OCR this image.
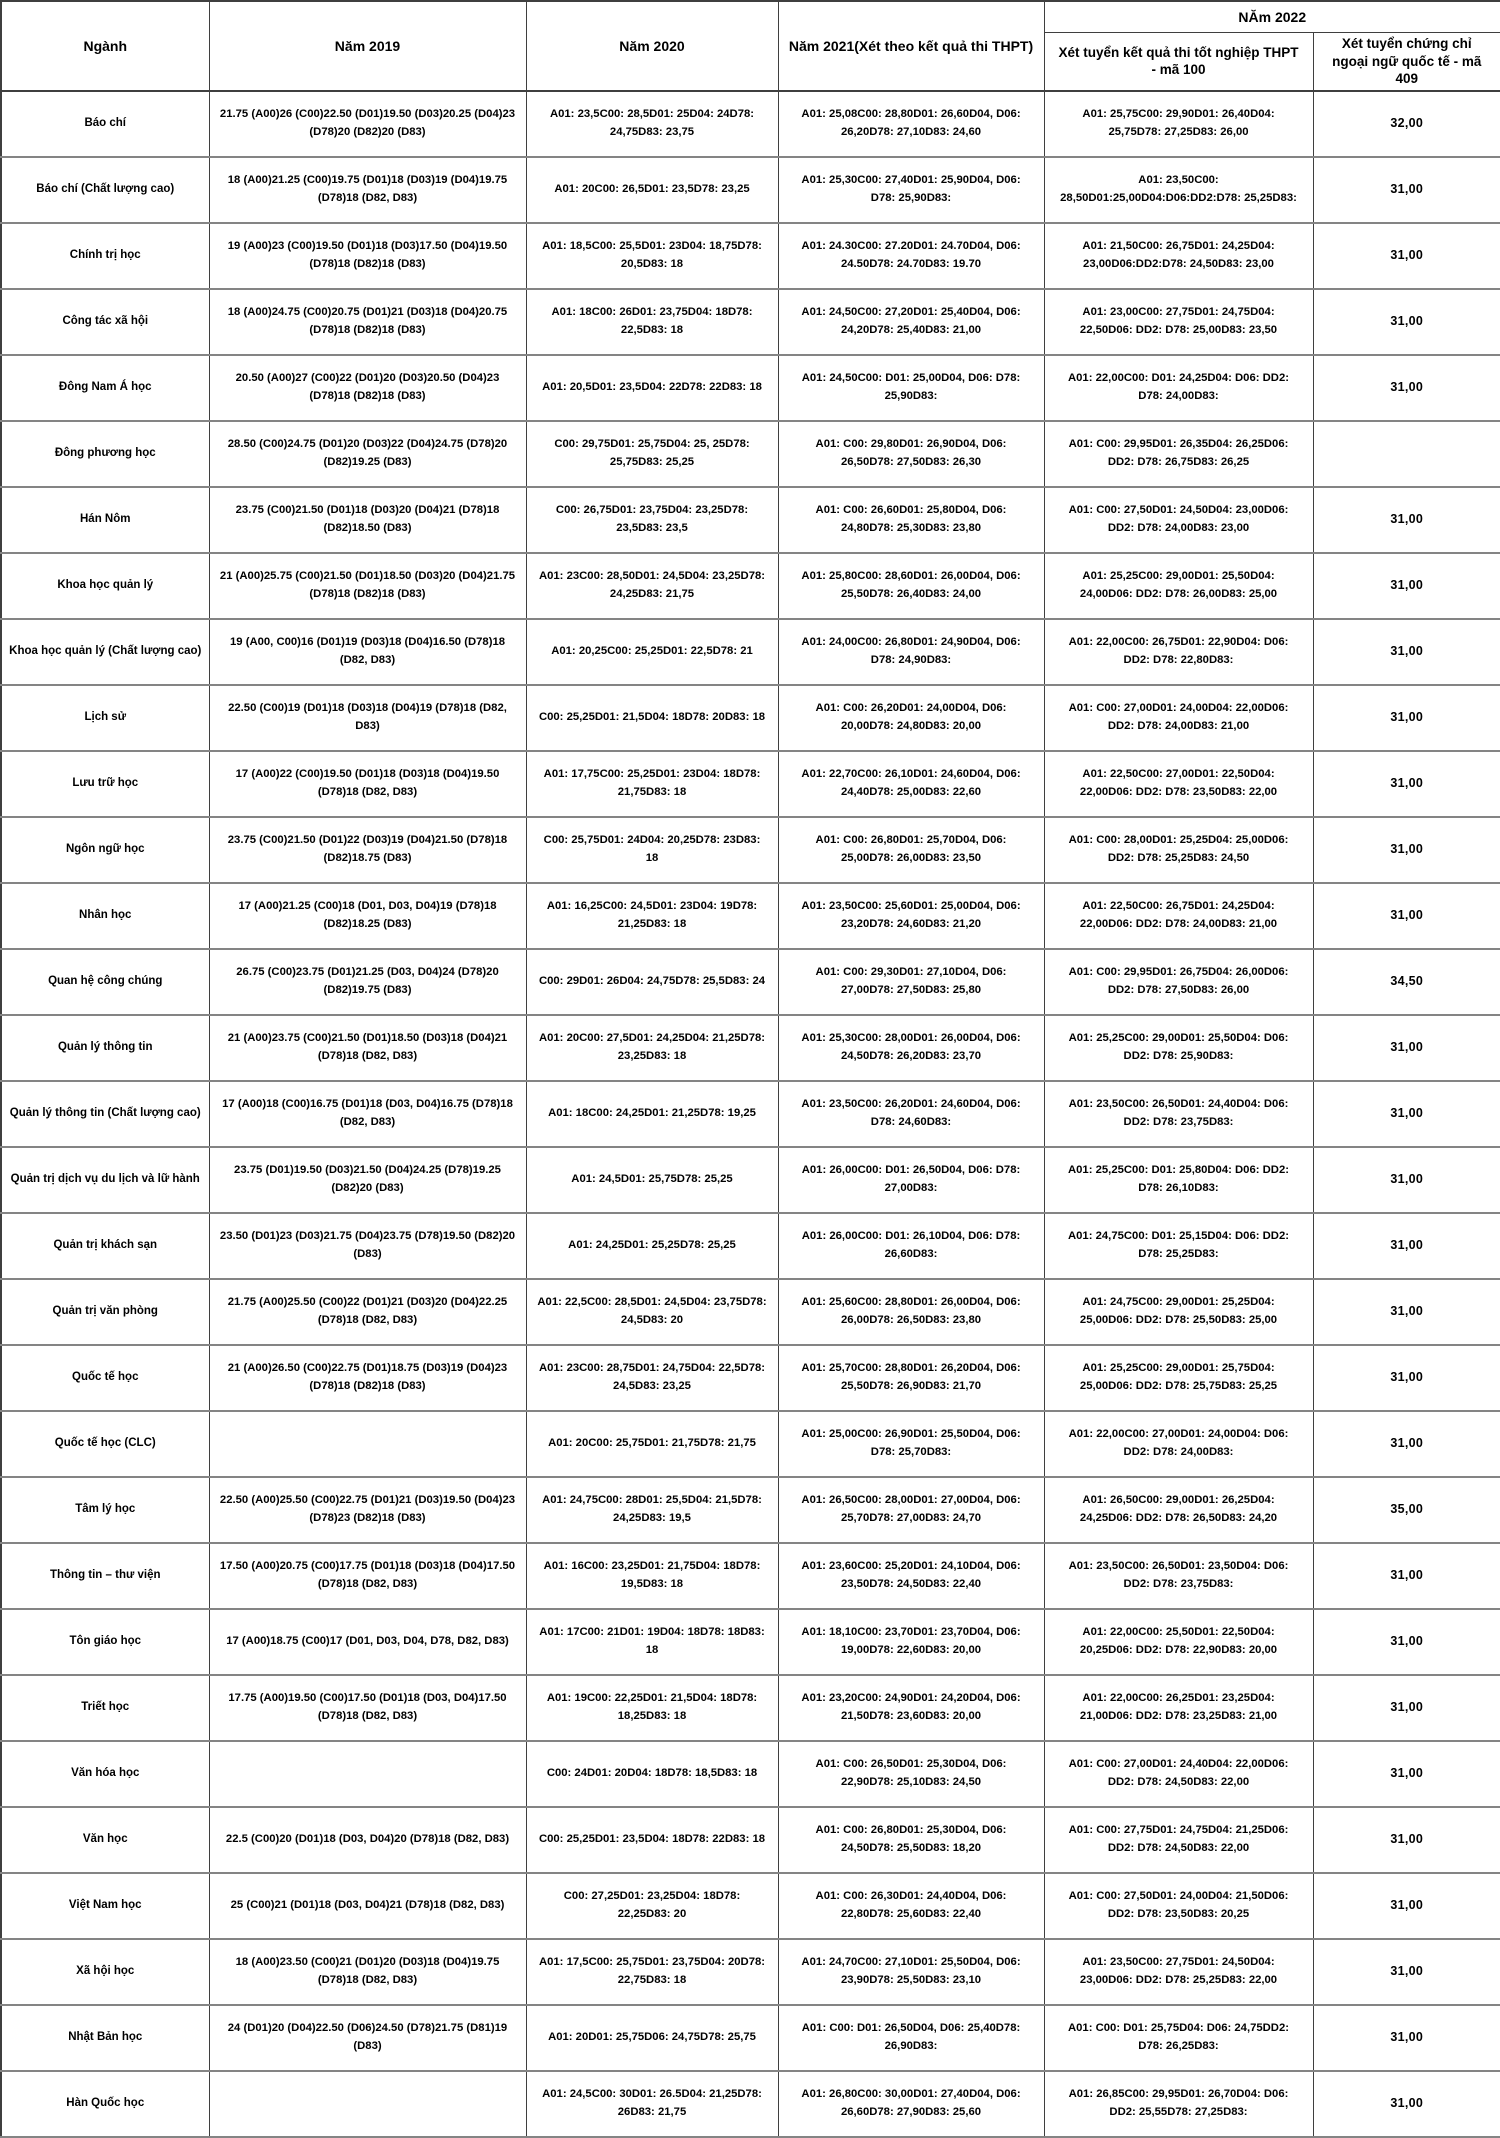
Ngành	Năm 2019	Năm 2020	Năm 2021(Xét theo kết quả thi THPT)	NĂm 2022	
				Xét tuyển kết quả thi tốt nghiệp THPT - mã 100	Xét tuyển chứng chỉ ngoại ngữ quốc tế - mã 409
Báo chí	21.75 (A00)26 (C00)22.50 (D01)19.50 (D03)20.25 (D04)23 (D78)20 (D82)20 (D83)	A01: 23,5C00: 28,5D01: 25D04: 24D78: 24,75D83: 23,75	A01: 25,08C00: 28,80D01: 26,60D04, D06: 26,20D78: 27,10D83: 24,60	A01: 25,75C00: 29,90D01: 26,40D04: 25,75D78: 27,25D83: 26,00	32,00
Báo chí (Chất lượng cao)	18 (A00)21.25 (C00)19.75 (D01)18 (D03)19 (D04)19.75 (D78)18 (D82, D83)	A01: 20C00: 26,5D01: 23,5D78: 23,25	A01: 25,30C00: 27,40D01: 25,90D04, D06: D78: 25,90D83:	A01: 23,50C00: 28,50D01:25,00D04:D06:DD2:D78: 25,25D83:	31,00
Chính trị học	19 (A00)23 (C00)19.50 (D01)18 (D03)17.50 (D04)19.50 (D78)18 (D82)18 (D83)	A01: 18,5C00: 25,5D01: 23D04: 18,75D78: 20,5D83: 18	A01: 24.30C00: 27.20D01: 24.70D04, D06: 24.50D78: 24.70D83: 19.70	A01: 21,50C00: 26,75D01: 24,25D04: 23,00D06:DD2:D78: 24,50D83: 23,00	31,00
Công tác xã hội	18 (A00)24.75 (C00)20.75 (D01)21 (D03)18 (D04)20.75 (D78)18 (D82)18 (D83)	A01: 18C00: 26D01: 23,75D04: 18D78: 22,5D83: 18	A01: 24,50C00: 27,20D01: 25,40D04, D06: 24,20D78: 25,40D83: 21,00	A01: 23,00C00: 27,75D01: 24,75D04: 22,50D06: DD2: D78: 25,00D83: 23,50	31,00
Đông Nam Á học	20.50 (A00)27 (C00)22 (D01)20 (D03)20.50 (D04)23 (D78)18 (D82)18 (D83)	A01: 20,5D01: 23,5D04: 22D78: 22D83: 18	A01: 24,50C00: D01: 25,00D04, D06: D78: 25,90D83:	A01: 22,00C00: D01: 24,25D04: D06: DD2: D78: 24,00D83:	31,00
Đông phương học	28.50 (C00)24.75 (D01)20 (D03)22 (D04)24.75 (D78)20 (D82)19.25 (D83)	C00: 29,75D01: 25,75D04: 25, 25D78: 25,75D83: 25,25	A01: C00: 29,80D01: 26,90D04, D06: 26,50D78: 27,50D83: 26,30	A01: C00: 29,95D01: 26,35D04: 26,25D06: DD2: D78: 26,75D83: 26,25	
Hán Nôm	23.75 (C00)21.50 (D01)18 (D03)20 (D04)21 (D78)18 (D82)18.50 (D83)	C00: 26,75D01: 23,75D04: 23,25D78: 23,5D83: 23,5	A01: C00: 26,60D01: 25,80D04, D06: 24,80D78: 25,30D83: 23,80	A01: C00: 27,50D01: 24,50D04: 23,00D06: DD2: D78: 24,00D83: 23,00	31,00
Khoa học quản lý	21 (A00)25.75 (C00)21.50 (D01)18.50 (D03)20 (D04)21.75 (D78)18 (D82)18 (D83)	A01: 23C00: 28,50D01: 24,5D04: 23,25D78: 24,25D83: 21,75	A01: 25,80C00: 28,60D01: 26,00D04, D06: 25,50D78: 26,40D83: 24,00	A01: 25,25C00: 29,00D01: 25,50D04: 24,00D06: DD2: D78: 26,00D83: 25,00	31,00
Khoa học quản lý (Chất lượng cao)	19 (A00, C00)16 (D01)19 (D03)18 (D04)16.50 (D78)18 (D82, D83)	A01: 20,25C00: 25,25D01: 22,5D78: 21	A01: 24,00C00: 26,80D01: 24,90D04, D06: D78: 24,90D83:	A01: 22,00C00: 26,75D01: 22,90D04: D06: DD2: D78: 22,80D83:	31,00
Lịch sử	22.50 (C00)19 (D01)18 (D03)18 (D04)19 (D78)18 (D82, D83)	C00: 25,25D01: 21,5D04: 18D78: 20D83: 18	A01: C00: 26,20D01: 24,00D04, D06: 20,00D78: 24,80D83: 20,00	A01: C00: 27,00D01: 24,00D04: 22,00D06: DD2: D78: 24,00D83: 21,00	31,00
Lưu trữ học	17 (A00)22 (C00)19.50 (D01)18 (D03)18 (D04)19.50 (D78)18 (D82, D83)	A01: 17,75C00: 25,25D01: 23D04: 18D78: 21,75D83: 18	A01: 22,70C00: 26,10D01: 24,60D04, D06: 24,40D78: 25,00D83: 22,60	A01: 22,50C00: 27,00D01: 22,50D04: 22,00D06: DD2: D78: 23,50D83: 22,00	31,00
Ngôn ngữ học	23.75 (C00)21.50 (D01)22 (D03)19 (D04)21.50 (D78)18 (D82)18.75 (D83)	C00: 25,75D01: 24D04: 20,25D78: 23D83: 18	A01: C00: 26,80D01: 25,70D04, D06: 25,00D78: 26,00D83: 23,50	A01: C00: 28,00D01: 25,25D04: 25,00D06: DD2: D78: 25,25D83: 24,50	31,00
Nhân học	17 (A00)21.25 (C00)18 (D01, D03, D04)19 (D78)18 (D82)18.25 (D83)	A01: 16,25C00: 24,5D01: 23D04: 19D78: 21,25D83: 18	A01: 23,50C00: 25,60D01: 25,00D04, D06: 23,20D78: 24,60D83: 21,20	A01: 22,50C00: 26,75D01: 24,25D04: 22,00D06: DD2: D78: 24,00D83: 21,00	31,00
Quan hệ công chúng	26.75 (C00)23.75 (D01)21.25 (D03, D04)24 (D78)20 (D82)19.75 (D83)	C00: 29D01: 26D04: 24,75D78: 25,5D83: 24	A01: C00: 29,30D01: 27,10D04, D06: 27,00D78: 27,50D83: 25,80	A01: C00: 29,95D01: 26,75D04: 26,00D06: DD2: D78: 27,50D83: 26,00	34,50
Quản lý thông tin	21 (A00)23.75 (C00)21.50 (D01)18.50 (D03)18 (D04)21 (D78)18 (D82, D83)	A01: 20C00: 27,5D01: 24,25D04: 21,25D78: 23,25D83: 18	A01: 25,30C00: 28,00D01: 26,00D04, D06: 24,50D78: 26,20D83: 23,70	A01: 25,25C00: 29,00D01: 25,50D04: D06: DD2: D78: 25,90D83:	31,00
Quản lý thông tin (Chất lượng cao)	17 (A00)18 (C00)16.75 (D01)18 (D03, D04)16.75 (D78)18 (D82, D83)	A01: 18C00: 24,25D01: 21,25D78: 19,25	A01: 23,50C00: 26,20D01: 24,60D04, D06: D78: 24,60D83:	A01: 23,50C00: 26,50D01: 24,40D04: D06: DD2: D78: 23,75D83:	31,00
Quản trị dịch vụ du lịch và lữ hành	23.75 (D01)19.50 (D03)21.50 (D04)24.25 (D78)19.25 (D82)20 (D83)	A01: 24,5D01: 25,75D78: 25,25	A01: 26,00C00: D01: 26,50D04, D06: D78: 27,00D83:	A01: 25,25C00: D01: 25,80D04: D06: DD2: D78: 26,10D83:	31,00
Quản trị khách sạn	23.50 (D01)23 (D03)21.75 (D04)23.75 (D78)19.50 (D82)20 (D83)	A01: 24,25D01: 25,25D78: 25,25	A01: 26,00C00: D01: 26,10D04, D06: D78: 26,60D83:	A01: 24,75C00: D01: 25,15D04: D06: DD2: D78: 25,25D83:	31,00
Quản trị văn phòng	21.75 (A00)25.50 (C00)22 (D01)21 (D03)20 (D04)22.25 (D78)18 (D82, D83)	A01: 22,5C00: 28,5D01: 24,5D04: 23,75D78: 24,5D83: 20	A01: 25,60C00: 28,80D01: 26,00D04, D06: 26,00D78: 26,50D83: 23,80	A01: 24,75C00: 29,00D01: 25,25D04: 25,00D06: DD2: D78: 25,50D83: 25,00	31,00
Quốc tế học	21 (A00)26.50 (C00)22.75 (D01)18.75 (D03)19 (D04)23 (D78)18 (D82)18 (D83)	A01: 23C00: 28,75D01: 24,75D04: 22,5D78: 24,5D83: 23,25	A01: 25,70C00: 28,80D01: 26,20D04, D06: 25,50D78: 26,90D83: 21,70	A01: 25,25C00: 29,00D01: 25,75D04: 25,00D06: DD2: D78: 25,75D83: 25,25	31,00
Quốc tế học (CLC)		A01: 20C00: 25,75D01: 21,75D78: 21,75	A01: 25,00C00: 26,90D01: 25,50D04, D06: D78: 25,70D83:	A01: 22,00C00: 27,00D01: 24,00D04: D06: DD2: D78: 24,00D83:	31,00
Tâm lý học	22.50 (A00)25.50 (C00)22.75 (D01)21 (D03)19.50 (D04)23 (D78)23 (D82)18 (D83)	A01: 24,75C00: 28D01: 25,5D04: 21,5D78: 24,25D83: 19,5	A01: 26,50C00: 28,00D01: 27,00D04, D06: 25,70D78: 27,00D83: 24,70	A01: 26,50C00: 29,00D01: 26,25D04: 24,25D06: DD2: D78: 26,50D83: 24,20	35,00
Thông tin – thư viện	17.50 (A00)20.75 (C00)17.75 (D01)18 (D03)18 (D04)17.50 (D78)18 (D82, D83)	A01: 16C00: 23,25D01: 21,75D04: 18D78: 19,5D83: 18	A01: 23,60C00: 25,20D01: 24,10D04, D06: 23,50D78: 24,50D83: 22,40	A01: 23,50C00: 26,50D01: 23,50D04: D06: DD2: D78: 23,75D83:	31,00
Tôn giáo học	17 (A00)18.75 (C00)17 (D01, D03, D04, D78, D82, D83)	A01: 17C00: 21D01: 19D04: 18D78: 18D83: 18	A01: 18,10C00: 23,70D01: 23,70D04, D06: 19,00D78: 22,60D83: 20,00	A01: 22,00C00: 25,50D01: 22,50D04: 20,25D06: DD2: D78: 22,90D83: 20,00	31,00
Triết học	17.75 (A00)19.50 (C00)17.50 (D01)18 (D03, D04)17.50 (D78)18 (D82, D83)	A01: 19C00: 22,25D01: 21,5D04: 18D78: 18,25D83: 18	A01: 23,20C00: 24,90D01: 24,20D04, D06: 21,50D78: 23,60D83: 20,00	A01: 22,00C00: 26,25D01: 23,25D04: 21,00D06: DD2: D78: 23,25D83: 21,00	31,00
Văn hóa học		C00: 24D01: 20D04: 18D78: 18,5D83: 18	A01: C00: 26,50D01: 25,30D04, D06: 22,90D78: 25,10D83: 24,50	A01: C00: 27,00D01: 24,40D04: 22,00D06: DD2: D78: 24,50D83: 22,00	31,00
Văn học	22.5 (C00)20 (D01)18 (D03, D04)20 (D78)18 (D82, D83)	C00: 25,25D01: 23,5D04: 18D78: 22D83: 18	A01: C00: 26,80D01: 25,30D04, D06: 24,50D78: 25,50D83: 18,20	A01: C00: 27,75D01: 24,75D04: 21,25D06: DD2: D78: 24,50D83: 22,00	31,00
Việt Nam học	25 (C00)21 (D01)18 (D03, D04)21 (D78)18 (D82, D83)	C00: 27,25D01: 23,25D04: 18D78: 22,25D83: 20	A01: C00: 26,30D01: 24,40D04, D06: 22,80D78: 25,60D83: 22,40	A01: C00: 27,50D01: 24,00D04: 21,50D06: DD2: D78: 23,50D83: 20,25	31,00
Xã hội học	18 (A00)23.50 (C00)21 (D01)20 (D03)18 (D04)19.75 (D78)18 (D82, D83)	A01: 17,5C00: 25,75D01: 23,75D04: 20D78: 22,75D83: 18	A01: 24,70C00: 27,10D01: 25,50D04, D06: 23,90D78: 25,50D83: 23,10	A01: 23,50C00: 27,75D01: 24,50D04: 23,00D06: DD2: D78: 25,25D83: 22,00	31,00
Nhật Bản học	24 (D01)20 (D04)22.50 (D06)24.50 (D78)21.75 (D81)19 (D83)	A01: 20D01: 25,75D06: 24,75D78: 25,75	A01: C00: D01: 26,50D04, D06: 25,40D78: 26,90D83:	A01: C00: D01: 25,75D04: D06: 24,75DD2: D78: 26,25D83:	31,00
Hàn Quốc học		A01: 24,5C00: 30D01: 26.5D04: 21,25D78: 26D83: 21,75	A01: 26,80C00: 30,00D01: 27,40D04, D06: 26,60D78: 27,90D83: 25,60	A01: 26,85C00: 29,95D01: 26,70D04: D06: DD2: 25,55D78: 27,25D83:	31,00
